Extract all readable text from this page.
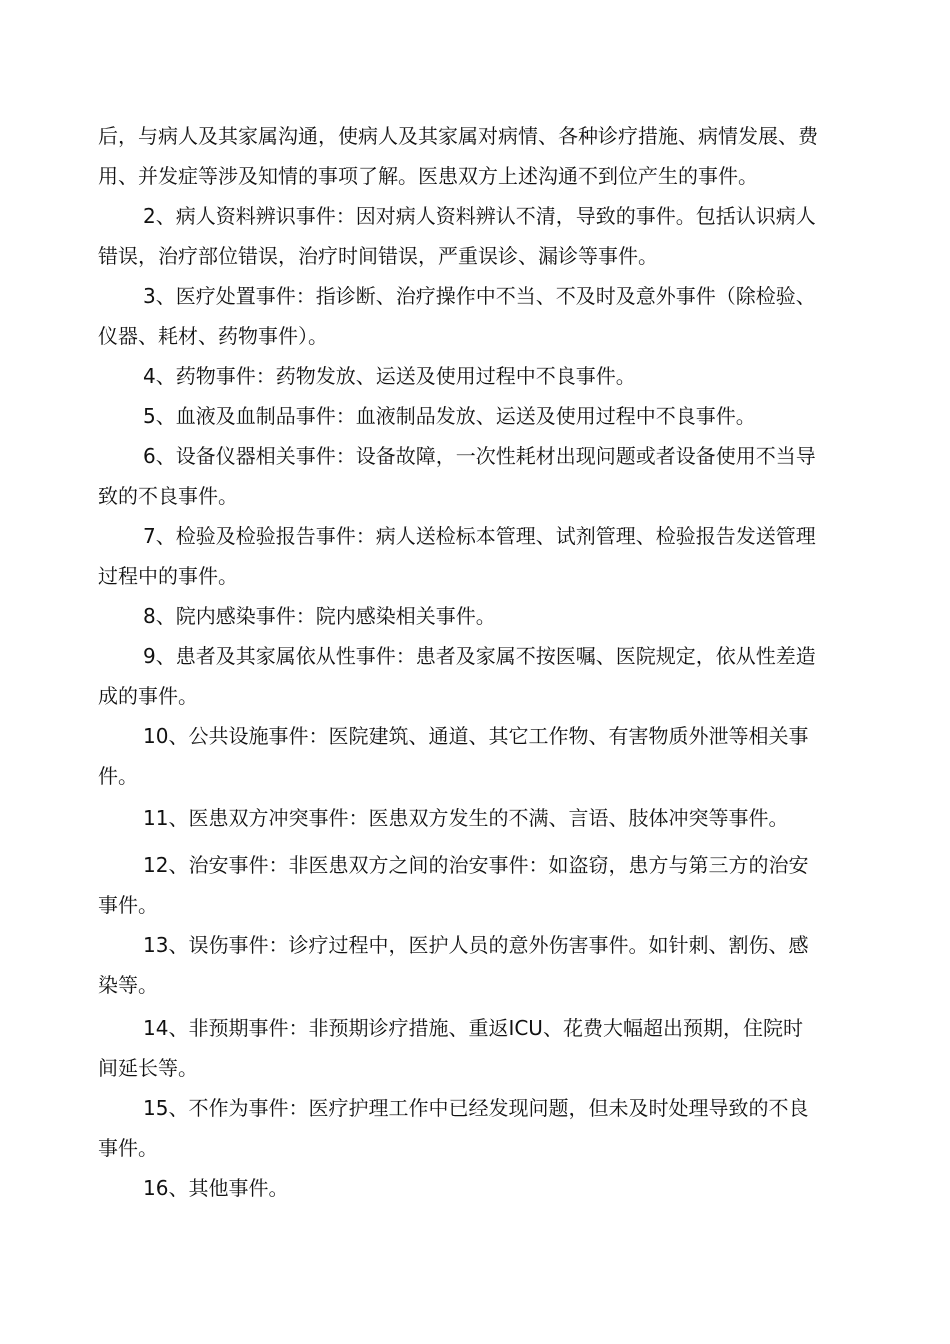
后，与病人及其家属沟通，使病人及其家属对病情、各种诊疗措施、病情发展、费
用、并发症等涉及知情的事项了解。医患双方上述沟通不到位产生的事件。
2、病人资料辨识事件：因对病人资料辨认不清，导致的事件。包括认识病人
错误，治疗部位错误，治疗时间错误，严重误诊、漏诊等事件。
3、医疗处置事件：指诊断、治疗操作中不当、不及时及意外事件（除检验、
仪器、耗材、药物事件）。
4、药物事件：药物发放、运送及使用过程中不良事件。
5、血液及血制品事件：血液制品发放、运送及使用过程中不良事件。
6、设备仪器相关事件：设备故障，一次性耗材出现问题或者设备使用不当导
致的不良事件。
7、检验及检验报告事件：病人送检标本管理、试剂管理、检验报告发送管理
过程中的事件。
8、院内感染事件：院内感染相关事件。
9、患者及其家属依从性事件：患者及家属不按医嘱、医院规定，依从性差造
成的事件。
10、公共设施事件：医院建筑、通道、其它工作物、有害物质外泄等相关事
件。
11、医患双方冲突事件：医患双方发生的不满、言语、肢体冲突等事件。
12、治安事件：非医患双方之间的治安事件：如盗窃，患方与第三方的治安
事件。
13、误伤事件：诊疗过程中，医护人员的意外伤害事件。如针刺、割伤、感
染等。
14、非预期事件：非预期诊疗措施、重返ICU、花费大幅超出预期，住院时
间延长等。
15、不作为事件：医疗护理工作中已经发现问题，但未及时处理导致的不良
事件。
16、其他事件。
